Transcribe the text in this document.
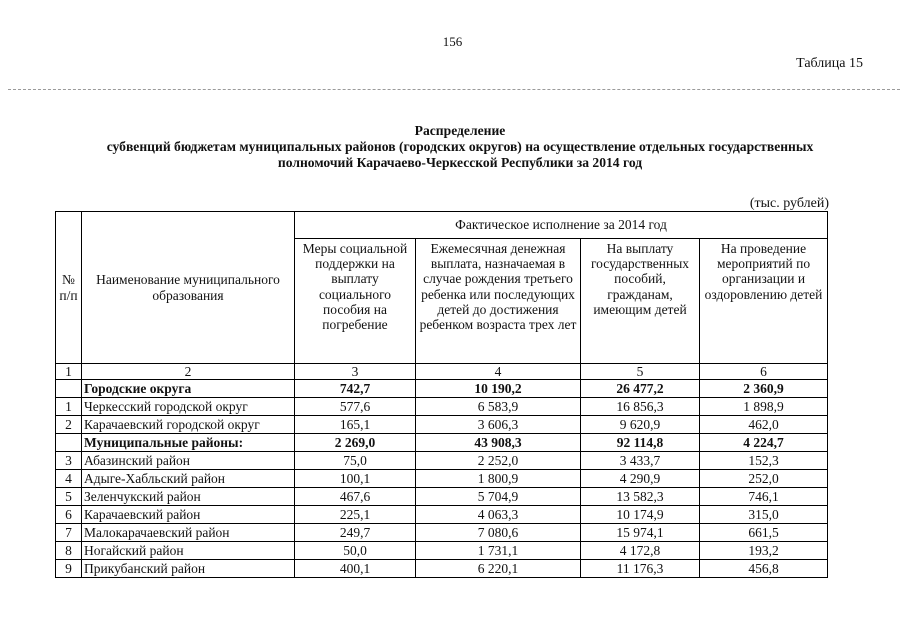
156
Таблица 15
Распределение
субвенций бюджетам муниципальных районов (городских округов) на осуществление отдельных государственных
полномочий Карачаево-Черкесской Республики за 2014 год
(тыс. рублей)
№ п/п	Наименование муниципального образования	Фактическое исполнение за 2014 год			
		Меры социальной поддержки на выплату социального пособия на погребение	Ежемесячная денежная выплата, назначаемая в случае рождения третьего ребенка или последующих детей до достижения ребенком возраста трех лет	На выплату государственных пособий, гражданам, имеющим детей	На проведение мероприятий по организации и оздоровлению детей
1	2	3	4	5	6
	Городские округа	742,7	10 190,2	26 477,2	2 360,9
1	Черкесский городской округ	577,6	6 583,9	16 856,3	1 898,9
2	Карачаевский городской округ	165,1	3 606,3	9 620,9	462,0
	Муниципальные районы:	2 269,0	43 908,3	92 114,8	4 224,7
3	Абазинский район	75,0	2 252,0	3 433,7	152,3
4	Адыге-Хабльский район	100,1	1 800,9	4 290,9	252,0
5	Зеленчукский район	467,6	5 704,9	13 582,3	746,1
6	Карачаевский район	225,1	4 063,3	10 174,9	315,0
7	Малокарачаевский район	249,7	7 080,6	15 974,1	661,5
8	Ногайский район	50,0	1 731,1	4 172,8	193,2
9	Прикубанский район	400,1	6 220,1	11 176,3	456,8
